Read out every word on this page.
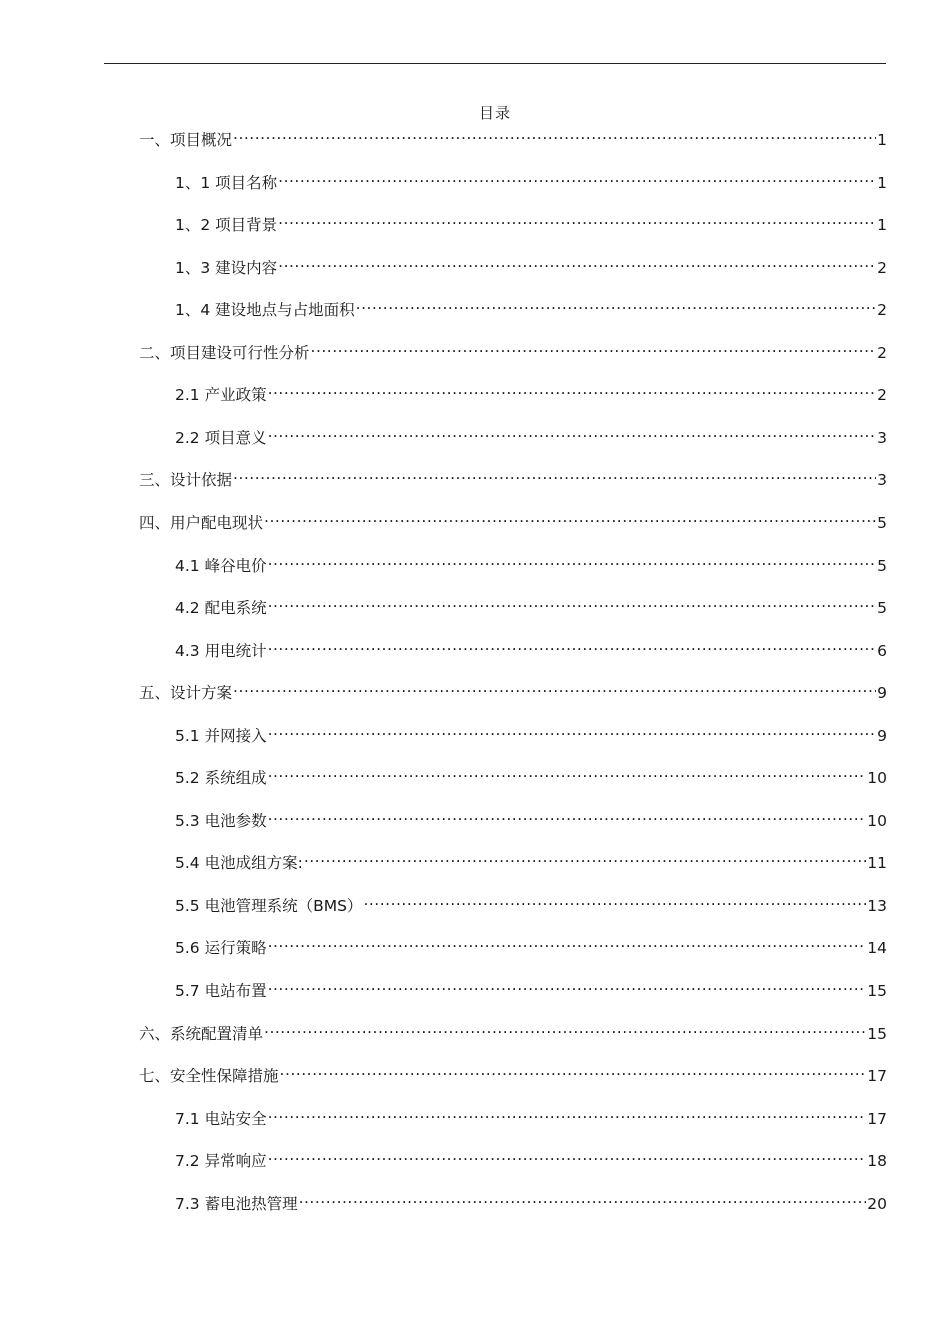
目录
一、项目概况 .....	1
1、1 项目名称 .....	1
1、2 项目背景 .....	1
1、3 建设内容 .....	2
1、4 建设地点与占地面积 .....	2
二、项目建设可行性分析 .....	2
2.1 产业政策 .....	2
2.2 项目意义 .....	3
三、设计依据 .....	3
四、用户配电现状 .....	5
4.1 峰谷电价 .....	5
4.2 配电系统 .....	5
4.3 用电统计 .....	6
五、设计方案 .....	9
5.1 并网接入 .....	9
5.2 系统组成 .....	10
5.3 电池参数 .....	10
5.4 电池成组方案: .....	11
5.5 电池管理系统（BMS） .....	13
5.6 运行策略 .....	14
5.7 电站布置 .....	15
六、系统配置清单 .....	15
七、安全性保障措施 .....	17
7.1 电站安全 .....	17
7.2 异常响应 .....	18
7.3 蓄电池热管理 .....	20
